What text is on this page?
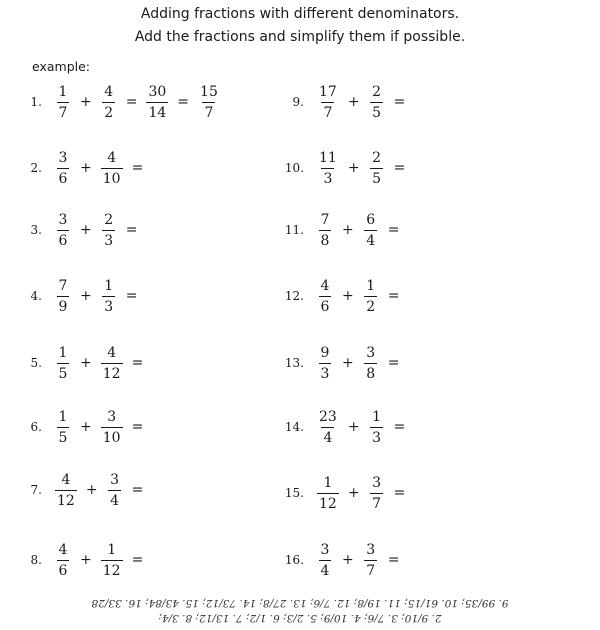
Adding fractions with different denominators.
Add the fractions and simplify them if possible.
example:
1. $\frac{1}{7} + \frac{4}{2} = \frac{30}{14} = \frac{15}{7}$
2. $\frac{3}{6} + \frac{4}{10}$ =
3. $\frac{3}{6} + \frac{2}{3}$ =
4. $\frac{7}{9} + \frac{1}{3}$ =
5. $\frac{1}{5} + \frac{4}{12}$ =
6. $\frac{1}{5} + \frac{3}{10}$ =
7. $\frac{4}{12} + \frac{3}{4}$ =
8. $\frac{4}{6} + \frac{1}{12}$ =
9. $\frac{17}{7} + \frac{2}{5}$ =
10. $\frac{11}{3} + \frac{2}{5}$ =
11. $\frac{7}{8} + \frac{6}{4}$ =
12. $\frac{4}{6} + \frac{1}{2}$ =
13. $\frac{9}{3} + \frac{3}{8}$ =
14. $\frac{23}{4} + \frac{1}{3}$ =
15. $\frac{1}{12} + \frac{3}{7}$ =
16. $\frac{3}{4} + \frac{3}{7}$ =
9. 99/35; 10. 61/15; 11. 19/8; 12. 7/6; 13. 27/8; 14. 73/12; 15. 43/84; 16. 33/28
2. 9/10; 3. 7/6; 4. 10/9; 5. 2/3; 6. 1/2; 7. 13/12; 8. 3/4;
